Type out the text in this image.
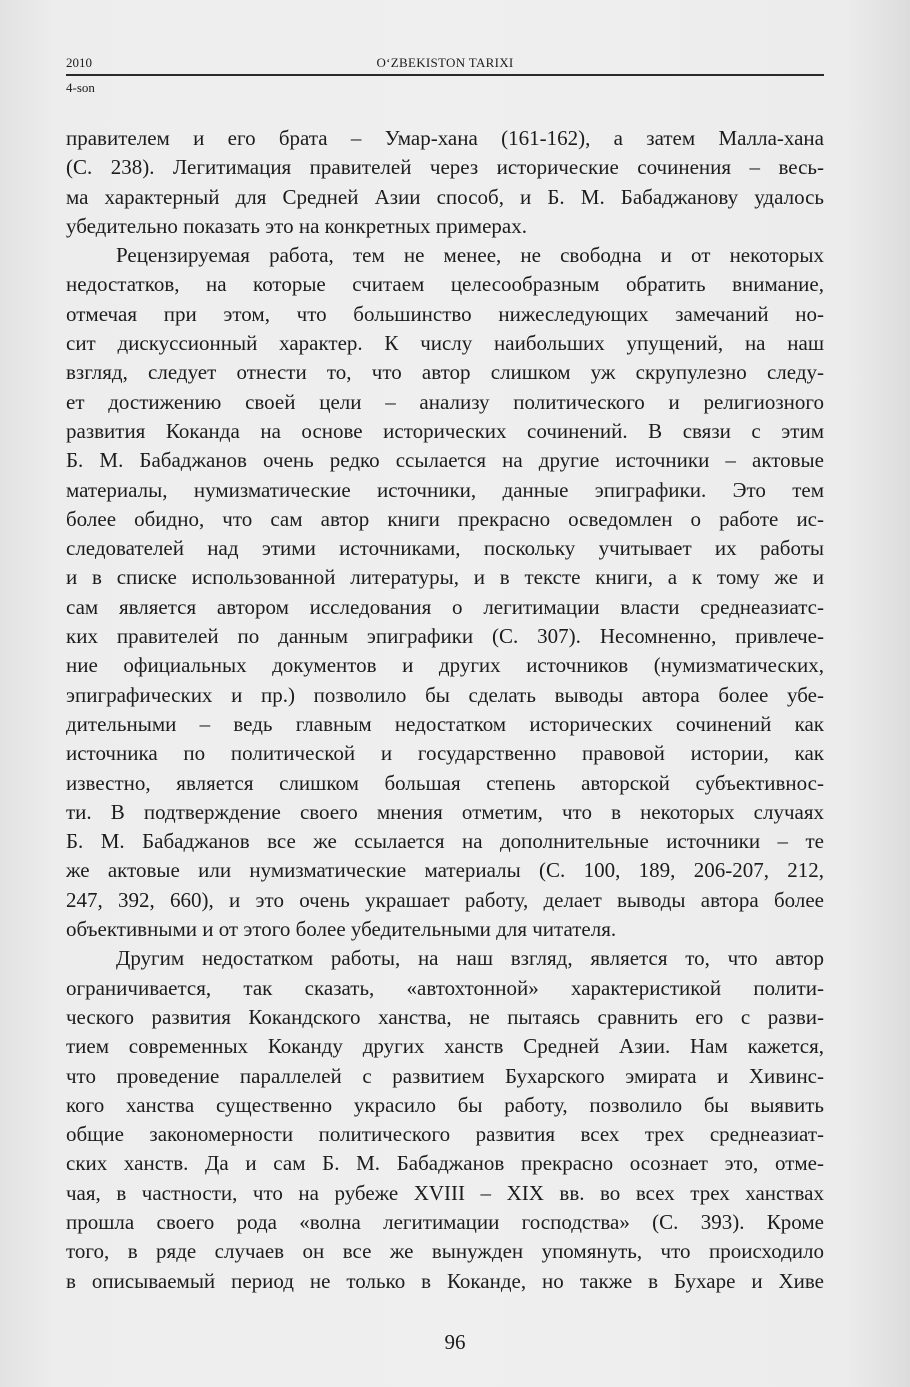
2010	O‘ZBEKISTON TARIXI
4-son

правителем и его брата – Умар-хана (161-162), а затем Малла-хана

(С. 238). Легитимация правителей через исторические сочинения – весь-

ма характерный для Средней Азии способ, и Б. М. Бабаджанову удалось

убедительно показать это на конкретных примерах.

Рецензируемая работа, тем не менее, не свободна и от некоторых

недостатков, на которые считаем целесообразным обратить внимание,

отмечая при этом, что большинство нижеследующих замечаний но-

сит дискуссионный характер. К числу наибольших упущений, на наш

взгляд, следует отнести то, что автор слишком уж скрупулезно следу-

ет достижению своей цели – анализу политического и религиозного

развития Коканда на основе исторических сочинений. В связи с этим

Б. М. Бабаджанов очень редко ссылается на другие источники – актовые

материалы, нумизматические источники, данные эпиграфики. Это тем

более обидно, что сам автор книги прекрасно осведомлен о работе ис-

следователей над этими источниками, поскольку учитывает их работы

и в списке использованной литературы, и в тексте книги, а к тому же и

сам является автором исследования о легитимации власти среднеазиатс-

ких правителей по данным эпиграфики (С. 307). Несомненно, привлече-

ние официальных документов и других источников (нумизматических,

эпиграфических и пр.) позволило бы сделать выводы автора более убе-

дительными – ведь главным недостатком исторических сочинений как

источника по политической и государственно правовой истории, как

известно, является слишком большая степень авторской субъективнос-

ти. В подтверждение своего мнения отметим, что в некоторых случаях

Б. М. Бабаджанов все же ссылается на дополнительные источники – те

же актовые или нумизматические материалы (С. 100, 189, 206-207, 212,

247, 392, 660), и это очень украшает работу, делает выводы автора более

объективными и от этого более убедительными для читателя.

Другим недостатком работы, на наш взгляд, является то, что автор

ограничивается, так сказать, «автохтонной» характеристикой полити-

ческого развития Кокандского ханства, не пытаясь сравнить его с разви-

тием современных Коканду других ханств Средней Азии. Нам кажется,

что проведение параллелей с развитием Бухарского эмирата и Хивинс-

кого ханства существенно украсило бы работу, позволило бы выявить

общие закономерности политического развития всех трех среднеазиат-

ских ханств. Да и сам Б. М. Бабаджанов прекрасно осознает это, отме-

чая, в частности, что на рубеже XVIII – XIX вв. во всех трех ханствах

прошла своего рода «волна легитимации господства» (С. 393). Кроме

того, в ряде случаев он все же вынужден упомянуть, что происходило

в описываемый период не только в Коканде, но также в Бухаре и Хиве

96
